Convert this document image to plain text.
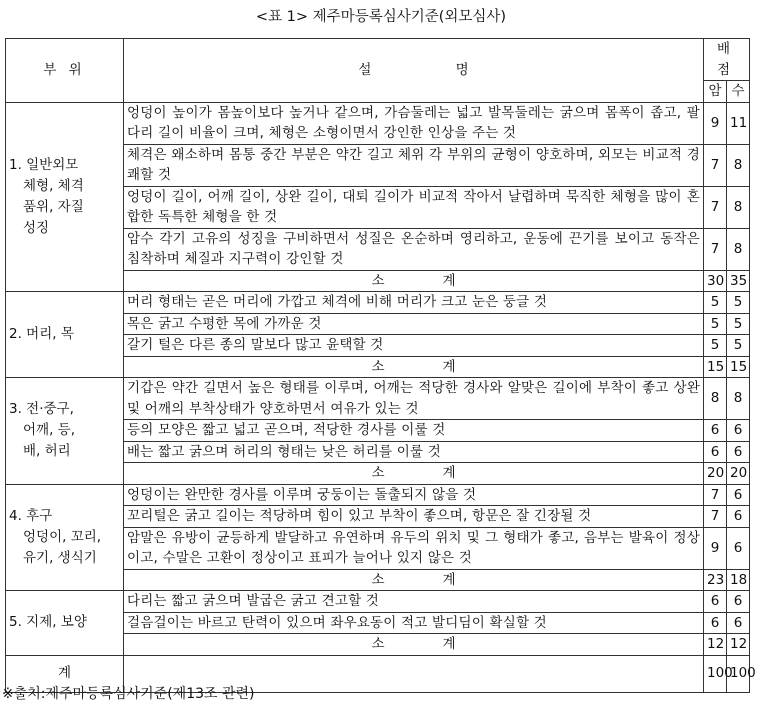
<표 1> 제주마등록심사기준(외모심사)
부 위	설 명	배 점	
		암	수

1. 일반외모
체형, 체격
품위, 자질
성징	엉덩이 높이가 몸높이보다 높거나 같으며, 가슴둘레는 넓고 발목둘레는 굵으며 몸폭이 좁고, 팔다리 길이 비율이 크며, 체형은 소형이면서 강인한 인상을 주는 것	9	11
	체격은 왜소하며 몸통 중간 부분은 약간 길고 체위 각 부위의 균형이 양호하며, 외모는 비교적 경쾌할 것	7	8
	엉덩이 길이, 어깨 길이, 상완 길이, 대퇴 길이가 비교적 작아서 날렵하며 묵직한 체형을 많이 혼합한 독특한 체형을 한 것	7	8
	암수 각기 고유의 성징을 구비하면서 성질은 온순하며 영리하고, 운동에 끈기를 보이고 동작은 침착하며 체질과 지구력이 강인할 것	7	8
	소계	30	35

2. 머리, 목	머리 형태는 곧은 머리에 가깝고 체격에 비해 머리가 크고 눈은 둥글 것	5	5
	목은 굵고 수평한 목에 가까운 것	5	5
	갈기 털은 다른 종의 말보다 많고 윤택할 것	5	5
	소계	15	15

3. 전·중구,
어깨, 등,
배, 허리	기갑은 약간 길면서 높은 형태를 이루며, 어깨는 적당한 경사와 알맞은 길이에 부착이 좋고 상완 및 어깨의 부착상태가 양호하면서 여유가 있는 것	8	8
	등의 모양은 짧고 넓고 곧으며, 적당한 경사를 이룰 것	6	6
	배는 짧고 굵으며 허리의 형태는 낮은 허리를 이룰 것	6	6
	소계	20	20

4. 후구
엉덩이, 꼬리,
유기, 생식기	엉덩이는 완만한 경사를 이루며 궁둥이는 돌출되지 않을 것	7	6
	꼬리털은 굵고 길이는 적당하며 힘이 있고 부착이 좋으며, 항문은 잘 긴장될 것	7	6
	암말은 유방이 균등하게 발달하고 유연하며 유두의 위치 및 그 형태가 좋고, 음부는 발육이 정상이고, 수말은 고환이 정상이고 표피가 늘어나 있지 않은 것	9	6
	소계	23	18

5. 지제, 보양	다리는 짧고 굵으며 발굽은 굵고 견고할 것	6	6
	걸음걸이는 바르고 탄력이 있으며 좌우요동이 적고 발디딤이 확실할 것	6	6
	소계	12	12
계		100	100
※출처:제주마등록심사기준(제13조 관련)
